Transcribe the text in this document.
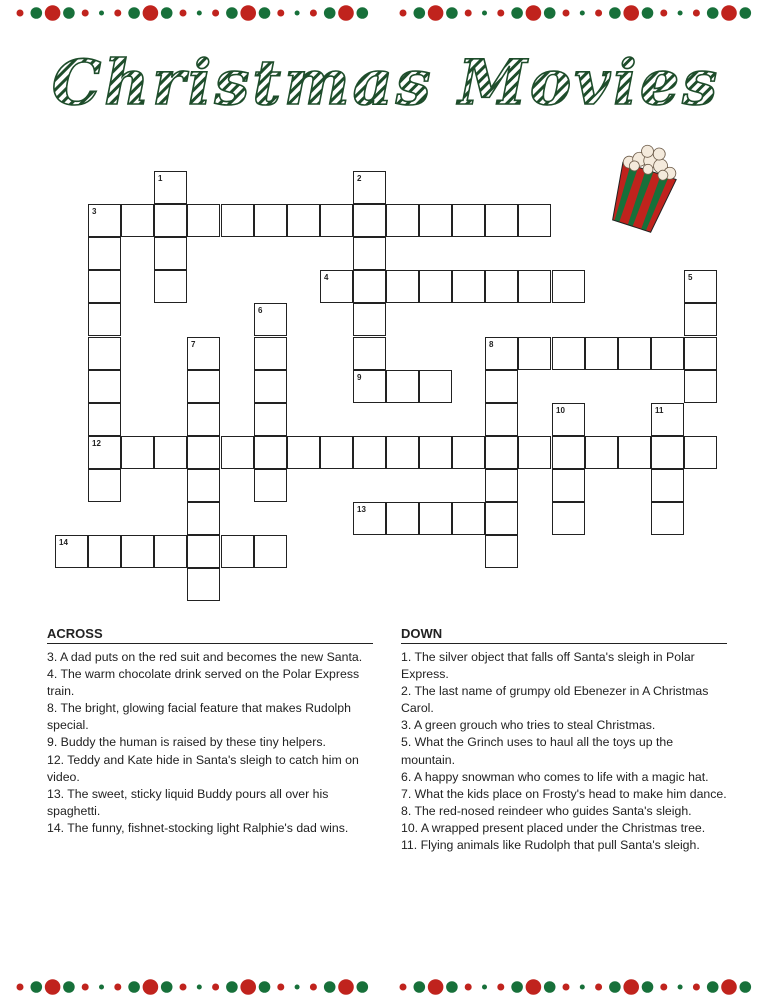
Christmas Movies
1	2
9
3
12
4	5
6
7	8
10	11
13
14
ACROSS

3. A dad puts on the red suit and becomes the new Santa.

4. The warm chocolate drink served on the Polar Express train.

8. The bright, glowing facial feature that makes Rudolph special.

9. Buddy the human is raised by these tiny helpers.

12. Teddy and Kate hide in Santa's sleigh to catch him on video.

13. The sweet, sticky liquid Buddy pours all over his spaghetti.

14. The funny, fishnet-stocking light Ralphie's dad wins.

DOWN

1. The silver object that falls off Santa's sleigh in Polar Express.

2. The last name of grumpy old Ebenezer in A Christmas Carol.

3. A green grouch who tries to steal Christmas.

5. What the Grinch uses to haul all the toys up the mountain.

6. A happy snowman who comes to life with a magic hat.

7. What the kids place on Frosty's head to make him dance.

8. The red-nosed reindeer who guides Santa's sleigh.

10. A wrapped present placed under the Christmas tree.

11. Flying animals like Rudolph that pull Santa's sleigh.
